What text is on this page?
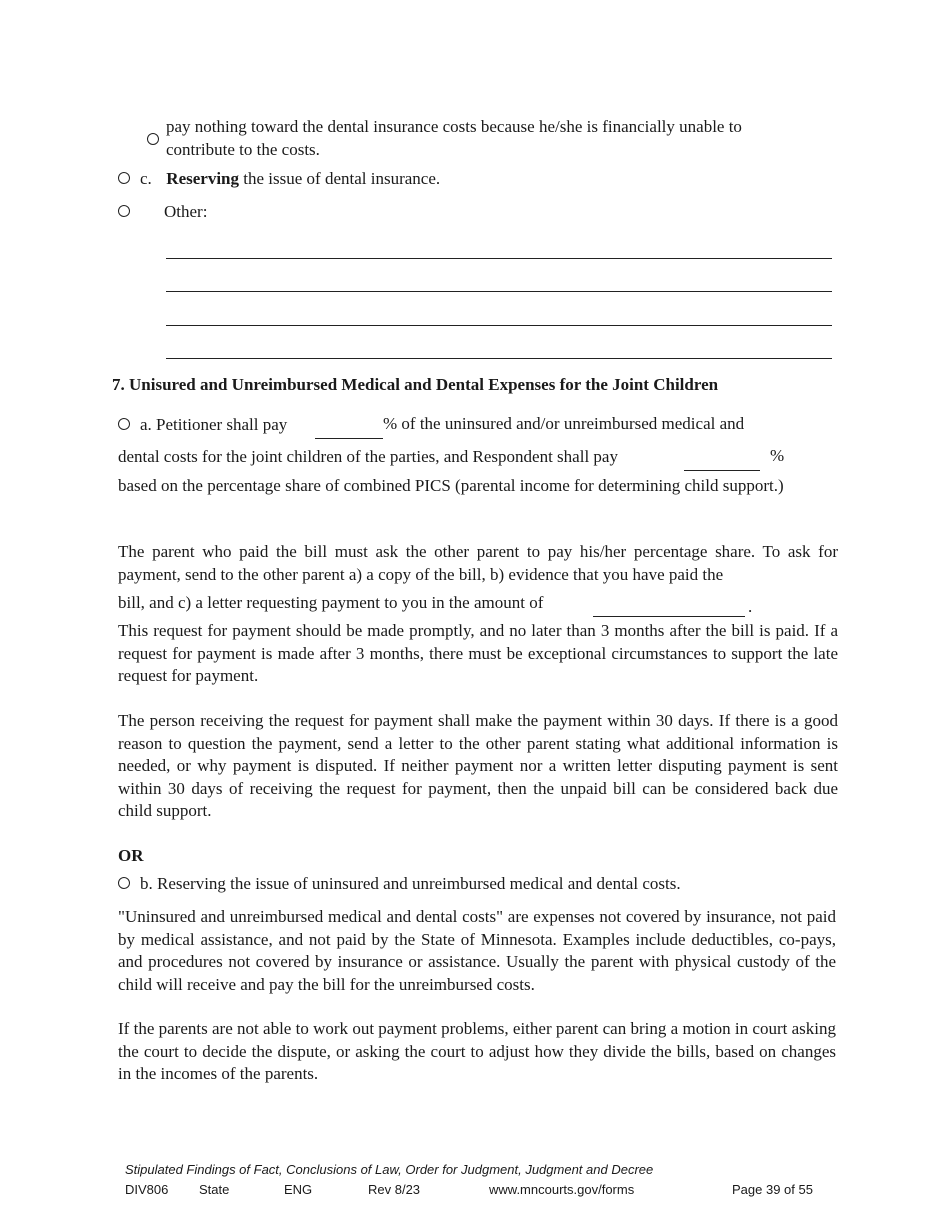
pay nothing toward the dental insurance costs because he/she is financially unable to
contribute to the costs.
c. Reserving the issue of dental insurance.
Other:
7. Unisured and Unreimbursed Medical and Dental Expenses for the Joint Children
a. Petitioner shall pay	% of the uninsured and/or unreimbursed medical and
dental costs for the joint children of the parties, and Respondent shall pay	%
based on the percentage share of combined PICS (parental income for determining child support.)
The parent who paid the bill must ask the other parent to pay his/her percentage share. To ask for payment, send to the other parent a) a copy of the bill, b) evidence that you have paid the
bill, and c) a letter requesting payment to you in the amount of	.
This request for payment should be made promptly, and no later than 3 months after the bill is paid. If a request for payment is made after 3 months, there must be exceptional circumstances to support the late request for payment.
The person receiving the request for payment shall make the payment within 30 days. If there is a good reason to question the payment, send a letter to the other parent stating what additional information is needed, or why payment is disputed. If neither payment nor a written letter disputing payment is sent within 30 days of receiving the request for payment, then the unpaid bill can be considered back due child support.
OR
b. Reserving the issue of uninsured and unreimbursed medical and dental costs.
"Uninsured and unreimbursed medical and dental costs" are expenses not covered by insurance, not paid by medical assistance, and not paid by the State of Minnesota. Examples include deductibles, co-pays, and procedures not covered by insurance or assistance. Usually the parent with physical custody of the child will receive and pay the bill for the unreimbursed costs.
If the parents are not able to work out payment problems, either parent can bring a motion in court asking the court to decide the dispute, or asking the court to adjust how they divide the bills, based on changes in the incomes of the parents.
Stipulated Findings of Fact, Conclusions of Law, Order for Judgment, Judgment and Decree
DIV806 State	ENG	Rev 8/23	www.mncourts.gov/forms	Page 39 of 55
